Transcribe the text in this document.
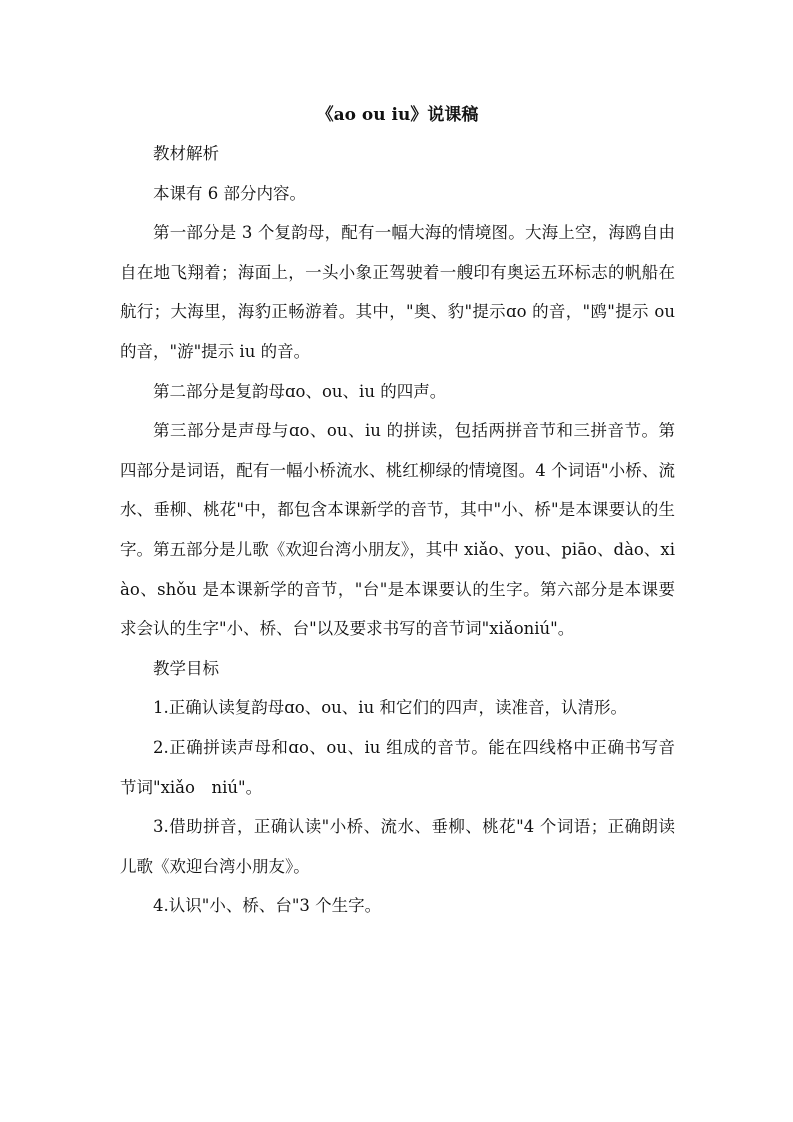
《ao ou iu》说课稿

教材解析

本课有 6 部分内容。

第一部分是 3 个复韵母，配有一幅大海的情境图。大海上空，海鸥自由自在地飞翔着；海面上，一头小象正驾驶着一艘印有奥运五环标志的帆船在航行；大海里，海豹正畅游着。其中，"奥、豹"提示ɑo 的音，"鸥"提示 ou 的音，"游"提示 iu 的音。

第二部分是复韵母ɑo、ou、iu 的四声。

第三部分是声母与ɑo、ou、iu 的拼读，包括两拼音节和三拼音节。第四部分是词语，配有一幅小桥流水、桃红柳绿的情境图。4 个词语"小桥、流水、垂柳、桃花"中，都包含本课新学的音节，其中"小、桥"是本课要认的生字。第五部分是儿歌《欢迎台湾小朋友》，其中 xiǎo、you、piāo、dào、xiào、shǒu 是本课新学的音节，"台"是本课要认的生字。第六部分是本课要求会认的生字"小、桥、台"以及要求书写的音节词"xiǎoniú"。

教学目标

1.正确认读复韵母ɑo、ou、iu 和它们的四声，读准音，认清形。

2.正确拼读声母和ɑo、ou、iu 组成的音节。能在四线格中正确书写音节词"xiǎo　niú"。

3.借助拼音，正确认读"小桥、流水、垂柳、桃花"4 个词语；正确朗读儿歌《欢迎台湾小朋友》。

4.认识"小、桥、台"3 个生字。
